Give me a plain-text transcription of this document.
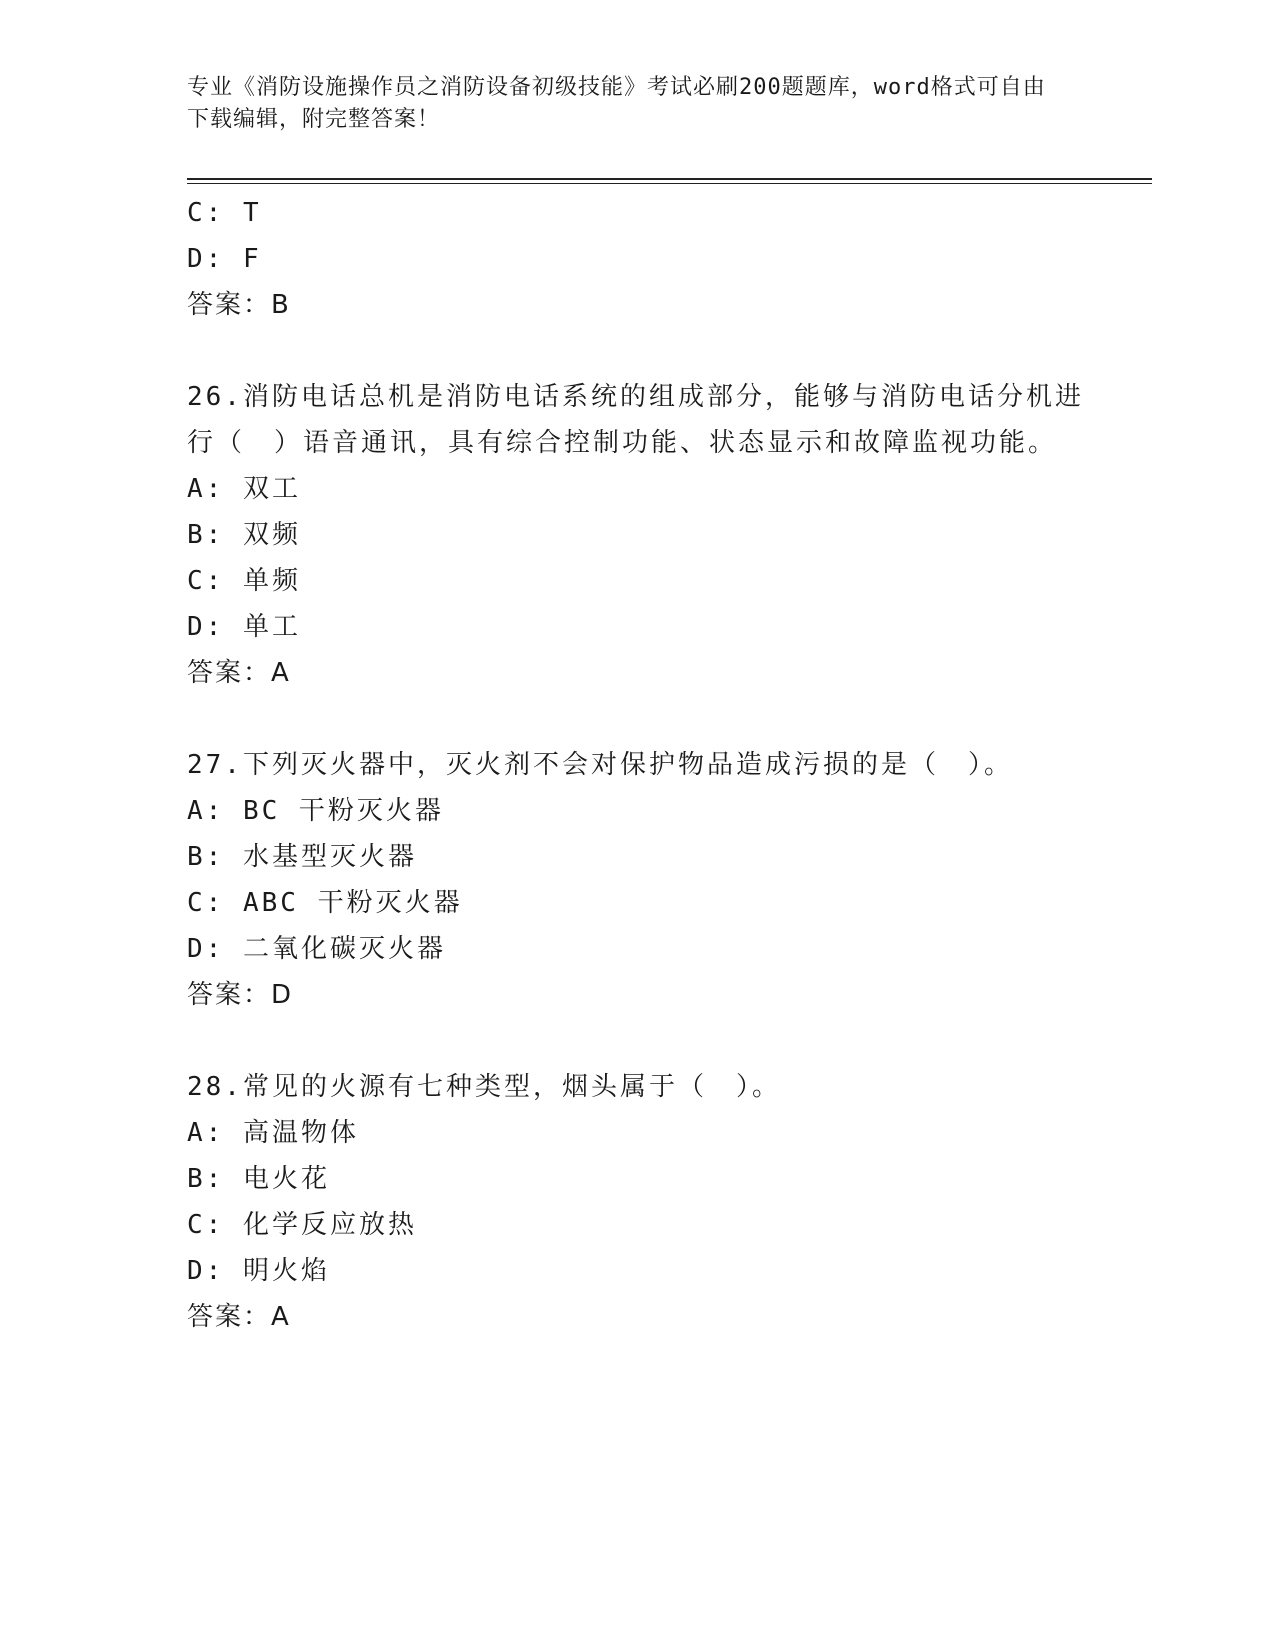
专业《消防设施操作员之消防设备初级技能》考试必刷200题题库，word格式可自由下载编辑，附完整答案！
C: T
D: F
答案：B
26.消防电话总机是消防电话系统的组成部分，能够与消防电话分机进行（　）语音通讯，具有综合控制功能、状态显示和故障监视功能。
A: 双工
B: 双频
C: 单频
D: 单工
答案：A
27.下列灭火器中，灭火剂不会对保护物品造成污损的是（　）。
A: BC 干粉灭火器
B: 水基型灭火器
C: ABC 干粉灭火器
D: 二氧化碳灭火器
答案：D
28.常见的火源有七种类型，烟头属于（　）。
A: 高温物体
B: 电火花
C: 化学反应放热
D: 明火焰
答案：A
